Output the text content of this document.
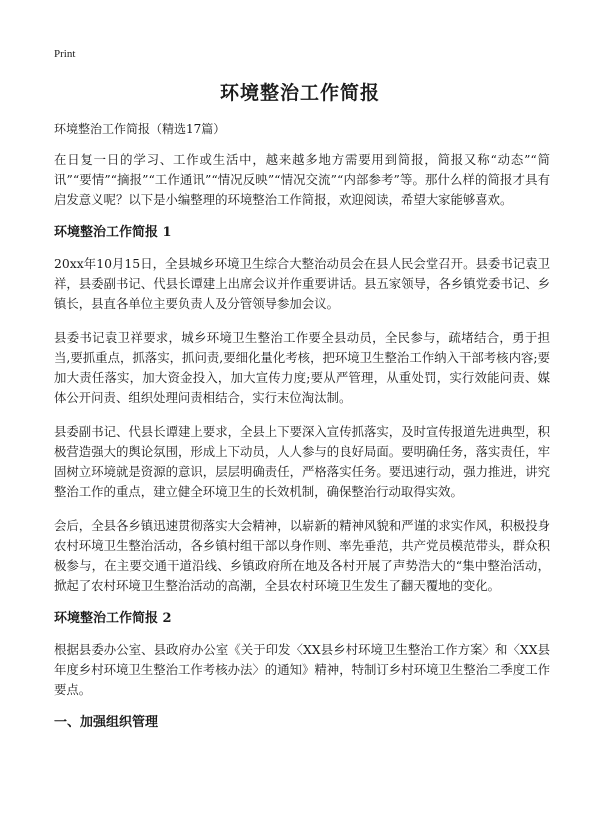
Print
环境整治工作简报
环境整治工作简报（精选17篇）

在日复一日的学习、工作或生活中，越来越多地方需要用到简报，简报又称“动态”“简讯”“要情”“摘报”“工作通讯”“情况反映”“情况交流”“内部参考”等。那什么样的简报才具有启发意义呢？以下是小编整理的环境整治工作简报，欢迎阅读，希望大家能够喜欢。

环境整治工作简报 1

20xx年10月15日，全县城乡环境卫生综合大整治动员会在县人民会堂召开。县委书记袁卫祥，县委副书记、代县长谭建上出席会议并作重要讲话。县五家领导，各乡镇党委书记、乡镇长，县直各单位主要负责人及分管领导参加会议。

县委书记袁卫祥要求，城乡环境卫生整治工作要全县动员，全民参与，疏堵结合，勇于担当,要抓重点，抓落实，抓问责,要细化量化考核，把环境卫生整治工作纳入干部考核内容;要加大责任落实，加大资金投入，加大宣传力度;要从严管理，从重处罚，实行效能问责、媒体公开问责、组织处理问责相结合，实行末位淘汰制。

县委副书记、代县长谭建上要求，全县上下要深入宣传抓落实，及时宣传报道先进典型，积极营造强大的舆论氛围，形成上下动员，人人参与的良好局面。要明确任务，落实责任，牢固树立环境就是资源的意识，层层明确责任，严格落实任务。要迅速行动，强力推进，讲究整治工作的重点，建立健全环境卫生的长效机制，确保整治行动取得实效。

会后，全县各乡镇迅速贯彻落实大会精神，以崭新的精神风貌和严谨的求实作风，积极投身农村环境卫生整治活动，各乡镇村组干部以身作则、率先垂范，共产党员模范带头，群众积极参与，在主要交通干道沿线、乡镇政府所在地及各村开展了声势浩大的“集中整治活动，掀起了农村环境卫生整治活动的高潮，全县农村环境卫生发生了翻天覆地的变化。

环境整治工作简报 2

根据县委办公室、县政府办公室《关于印发〈XX县乡村环境卫生整治工作方案〉和〈XX县年度乡村环境卫生整治工作考核办法〉的通知》精神，特制订乡村环境卫生整治二季度工作要点。

一、加强组织管理
